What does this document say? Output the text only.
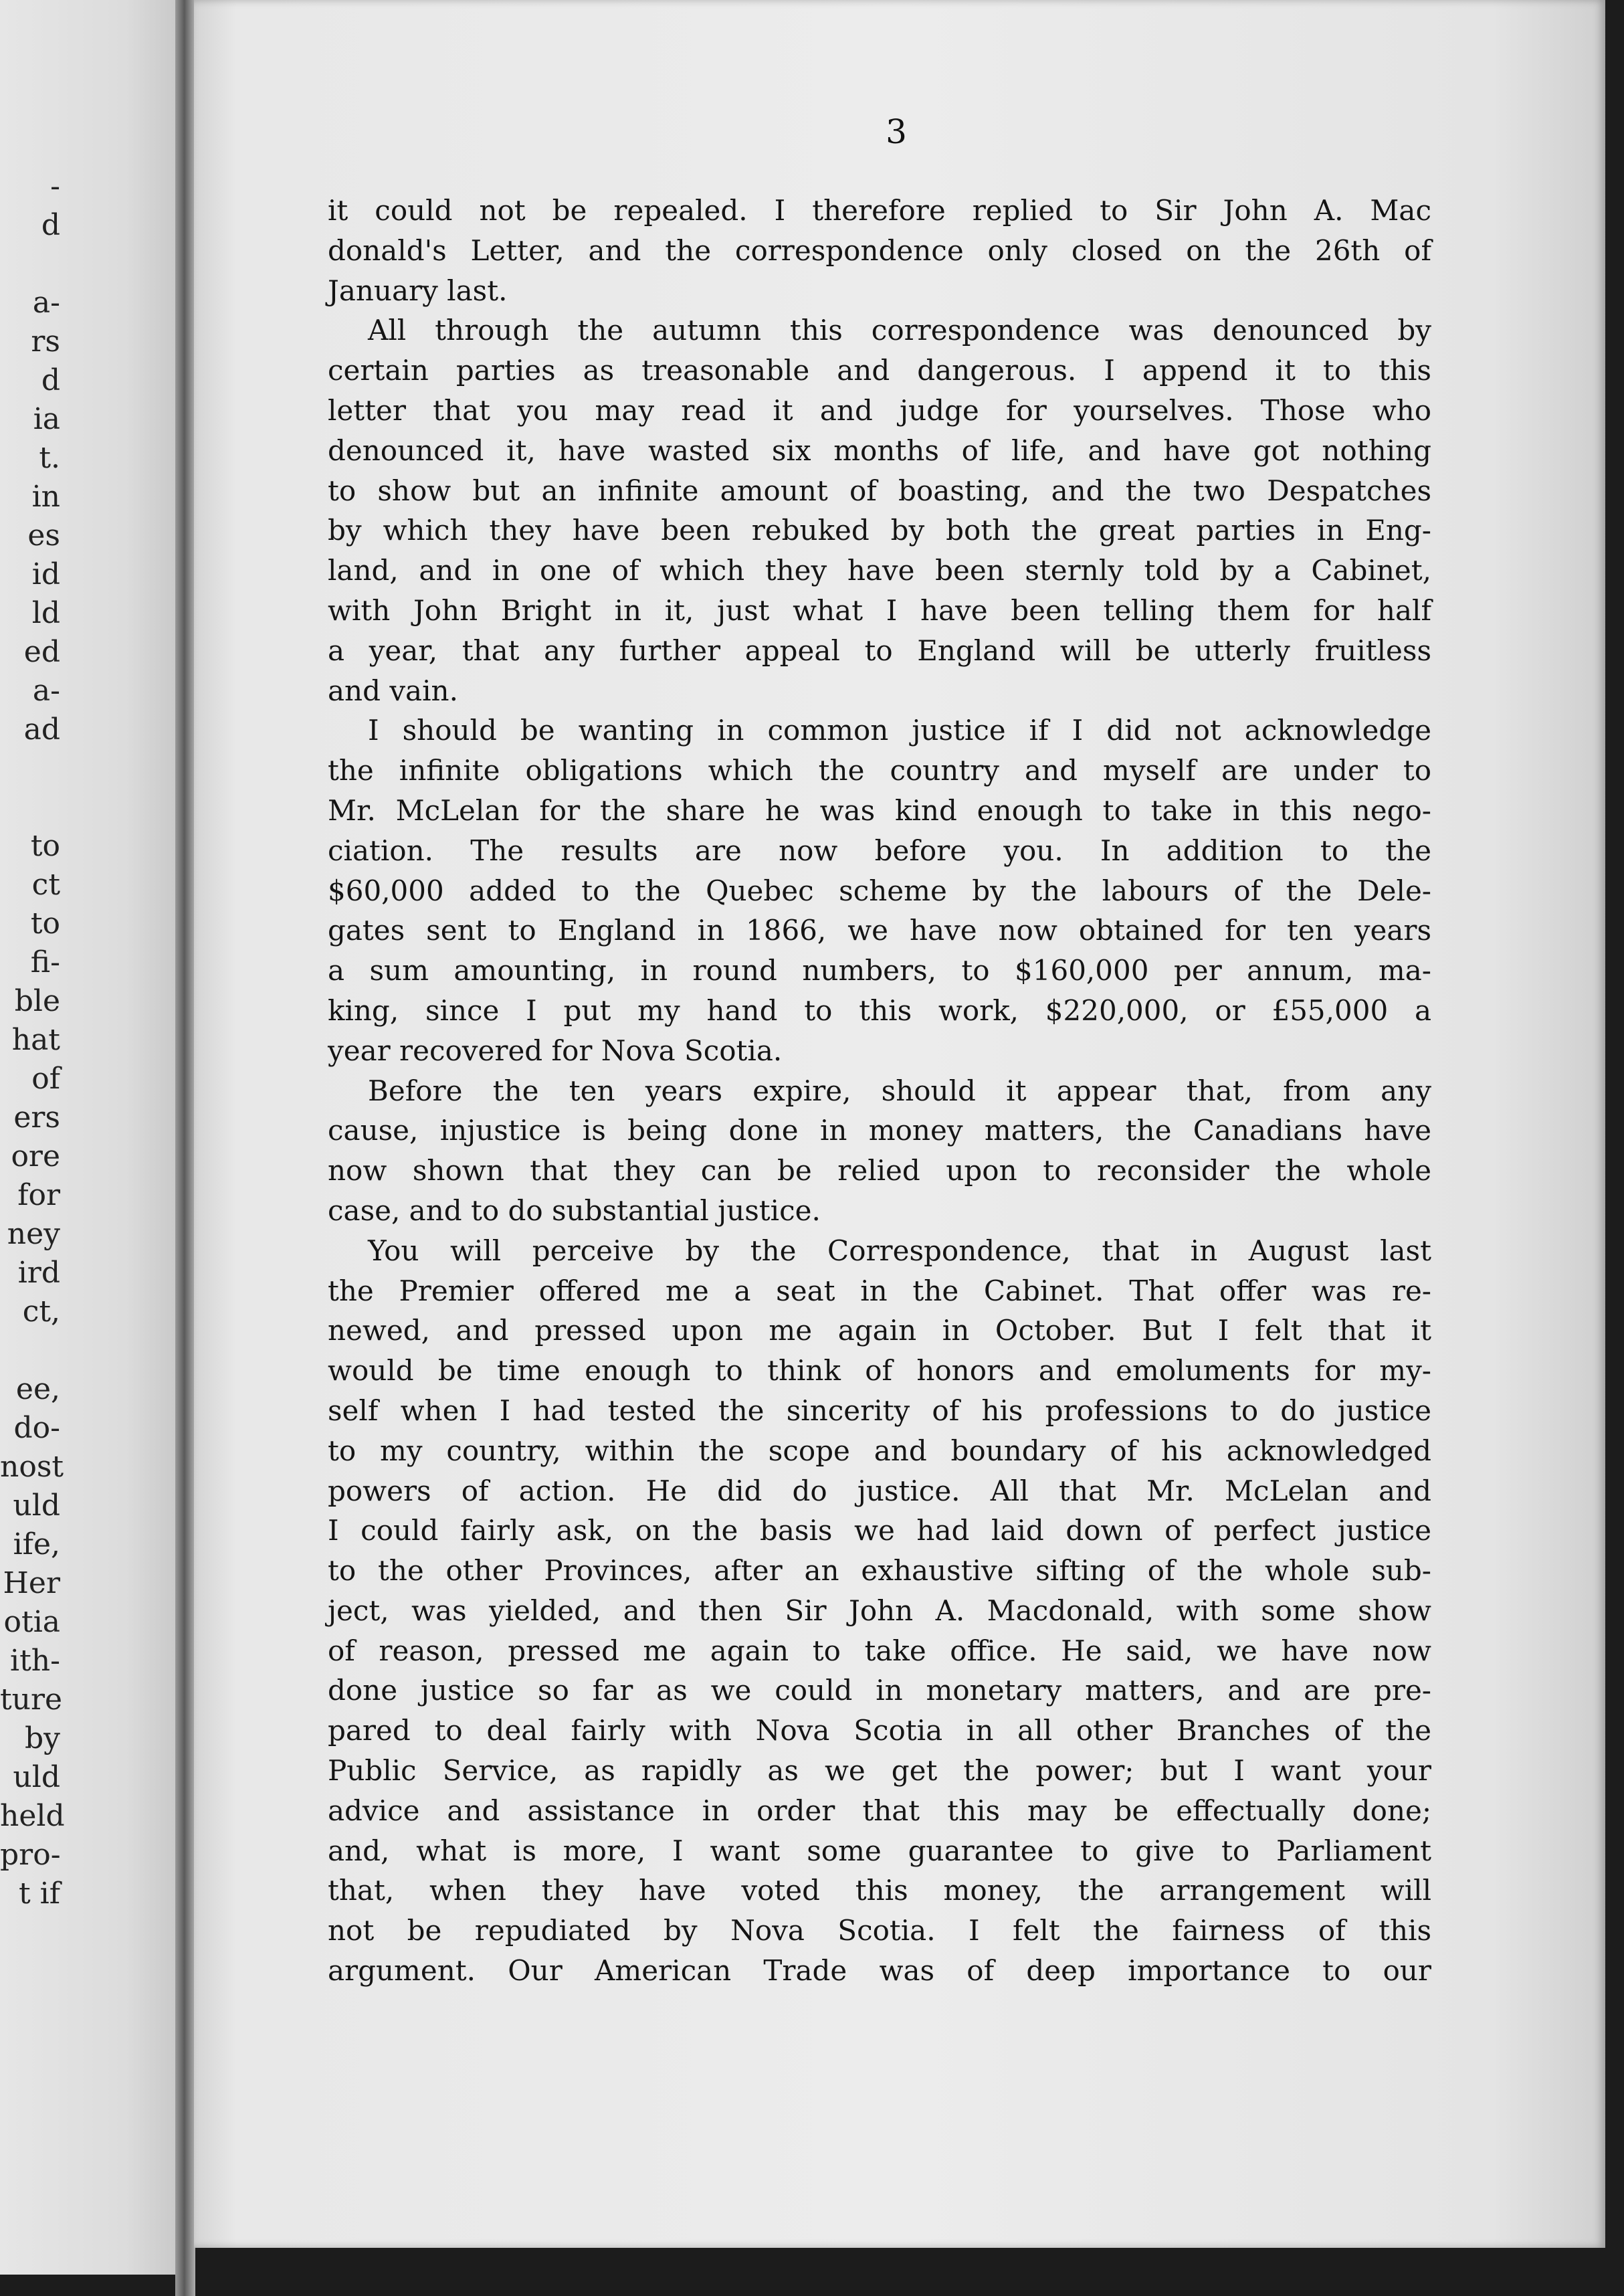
-
d
a-
rs
d
ia
t.
in
es
id
ld
ed
a-
ad
to
ct
to
fi-
ble
hat
of
ers
ore
for
ney
ird
ct,
ee,
do-
nost
uld
ife,
Her
otia
ith-
ture
by
uld
held
pro-
t if
3
it could not be repealed. I therefore replied to Sir John A. Mac
donald's Letter, and the correspondence only closed on the 26th of
January last.
All through the autumn this correspondence was denounced by
certain parties as treasonable and dangerous. I append it to this
letter that you may read it and judge for yourselves. Those who
denounced it, have wasted six months of life, and have got nothing
to show but an infinite amount of boasting, and the two Despatches
by which they have been rebuked by both the great parties in Eng-
land, and in one of which they have been sternly told by a Cabinet,
with John Bright in it, just what I have been telling them for half
a year, that any further appeal to England will be utterly fruitless
and vain.
I should be wanting in common justice if I did not acknowledge
the infinite obligations which the country and myself are under to
Mr. McLelan for the share he was kind enough to take in this nego-
ciation. The results are now before you. In addition to the
$60,000 added to the Quebec scheme by the labours of the Dele-
gates sent to England in 1866, we have now obtained for ten years
a sum amounting, in round numbers, to $160,000 per annum, ma-
king, since I put my hand to this work, $220,000, or £55,000 a
year recovered for Nova Scotia.
Before the ten years expire, should it appear that, from any
cause, injustice is being done in money matters, the Canadians have
now shown that they can be relied upon to reconsider the whole
case, and to do substantial justice.
You will perceive by the Correspondence, that in August last
the Premier offered me a seat in the Cabinet. That offer was re-
newed, and pressed upon me again in October. But I felt that it
would be time enough to think of honors and emoluments for my-
self when I had tested the sincerity of his professions to do justice
to my country, within the scope and boundary of his acknowledged
powers of action. He did do justice. All that Mr. McLelan and
I could fairly ask, on the basis we had laid down of perfect justice
to the other Provinces, after an exhaustive sifting of the whole sub-
ject, was yielded, and then Sir John A. Macdonald, with some show
of reason, pressed me again to take office. He said, we have now
done justice so far as we could in monetary matters, and are pre-
pared to deal fairly with Nova Scotia in all other Branches of the
Public Service, as rapidly as we get the power; but I want your
advice and assistance in order that this may be effectually done;
and, what is more, I want some guarantee to give to Parliament
that, when they have voted this money, the arrangement will
not be repudiated by Nova Scotia. I felt the fairness of this
argument. Our American Trade was of deep importance to our
